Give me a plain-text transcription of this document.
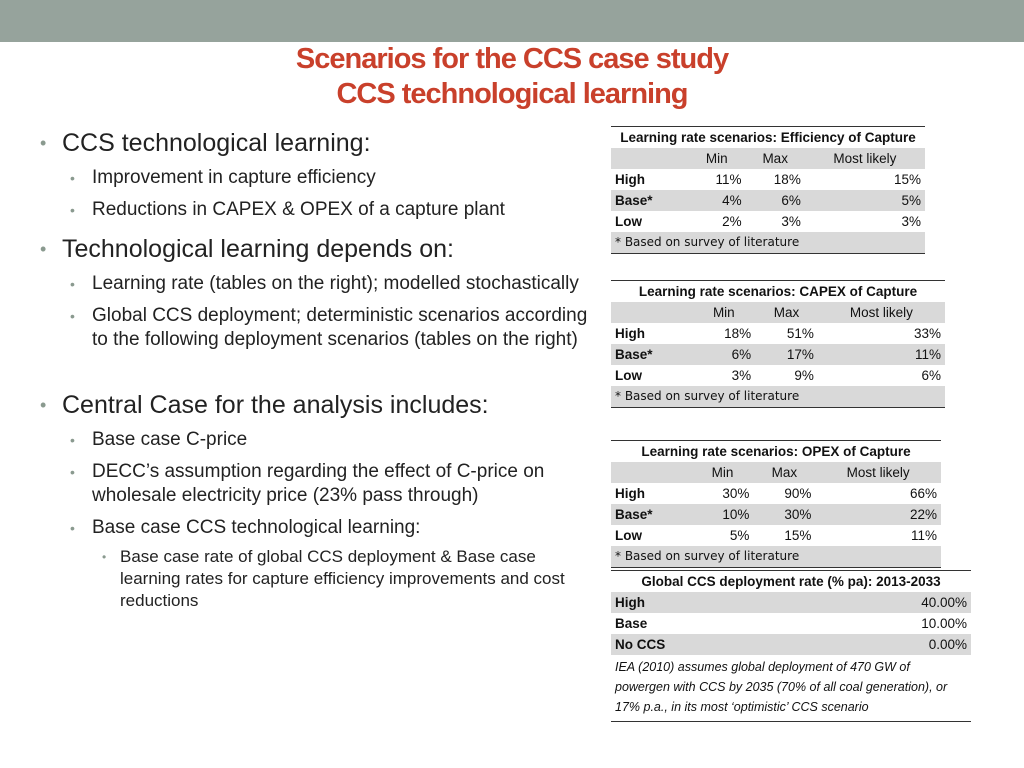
Scenarios for the CCS case study
CCS technological learning
• CCS technological learning:
• Improvement in capture efficiency
• Reductions in CAPEX & OPEX of a capture plant
• Technological learning depends on:
• Learning rate (tables on the right); modelled stochastically
• Global CCS deployment; deterministic scenarios according to the following deployment scenarios (tables on the right)
• Central Case for the analysis includes:
• Base case C-price
• DECC’s assumption regarding the effect of C-price on wholesale electricity price (23% pass through)
• Base case CCS technological learning:
• Base case rate of global CCS deployment & Base case learning rates for capture efficiency improvements and cost reductions
Learning rate scenarios: Efficiency of Capture			
	Min	Max	Most likely
High	11%	18%	15%
Base*	4%	6%	5%
Low	2%	3%	3%
* Based on survey of literature			
Learning rate scenarios: CAPEX of Capture			
	Min	Max	Most likely
High	18%	51%	33%
Base*	6%	17%	11%
Low	3%	9%	6%
* Based on survey of literature			
Learning rate scenarios: OPEX of Capture			
	Min	Max	Most likely
High	30%	90%	66%
Base*	10%	30%	22%
Low	5%	15%	11%
* Based on survey of literature			
Global CCS deployment rate (% pa): 2013-2033	
High	40.00%
Base	10.00%
No CCS	0.00%
IEA (2010) assumes global deployment of 470 GW of powergen with CCS by 2035 (70% of all coal generation), or 17% p.a., in its most ‘optimistic’ CCS scenario	
